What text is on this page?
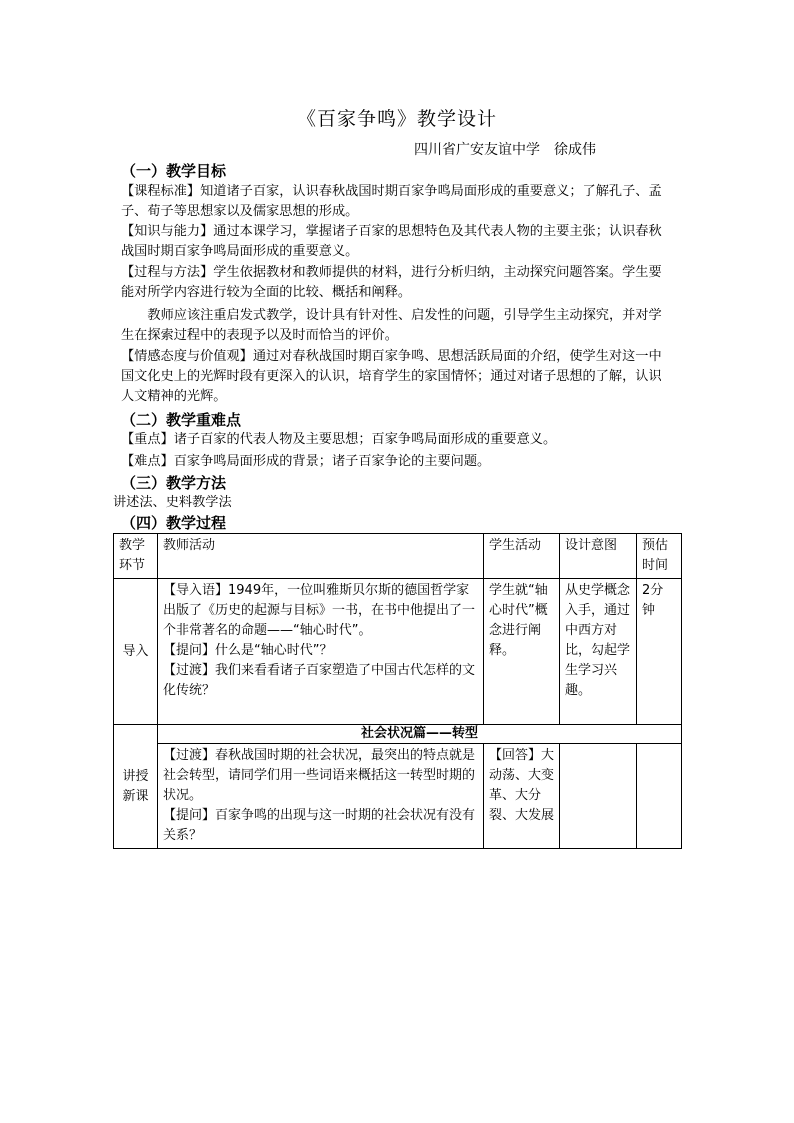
《百家争鸣》教学设计
四川省广安友谊中学　徐成伟
（一）教学目标
【课程标准】知道诸子百家，认识春秋战国时期百家争鸣局面形成的重要意义；了解孔子、孟子、荀子等思想家以及儒家思想的形成。
【知识与能力】通过本课学习，掌握诸子百家的思想特色及其代表人物的主要主张；认识春秋战国时期百家争鸣局面形成的重要意义。
【过程与方法】学生依据教材和教师提供的材料，进行分析归纳，主动探究问题答案。学生要能对所学内容进行较为全面的比较、概括和阐释。
教师应该注重启发式教学，设计具有针对性、启发性的问题，引导学生主动探究，并对学生在探索过程中的表现予以及时而恰当的评价。
【情感态度与价值观】通过对春秋战国时期百家争鸣、思想活跃局面的介绍，使学生对这一中国文化史上的光辉时段有更深入的认识，培育学生的家国情怀；通过对诸子思想的了解，认识人文精神的光辉。
（二）教学重难点
【重点】诸子百家的代表人物及主要思想；百家争鸣局面形成的重要意义。
【难点】百家争鸣局面形成的背景；诸子百家争论的主要问题。
（三）教学方法
讲述法、史料教学法
（四）教学过程
教学环节	教师活动	学生活动	设计意图	预估时间
导入	【导入语】1949年，一位叫雅斯贝尔斯的德国哲学家出版了《历史的起源与目标》一书，在书中他提出了一个非常著名的命题——“轴心时代”。
【提问】什么是“轴心时代”？
【过渡】我们来看看诸子百家塑造了中国古代怎样的文化传统？	学生就“轴心时代”概念进行阐释。	从史学概念入手，通过中西方对比，勾起学生学习兴趣。	2分钟
讲授新课	社会状况篇——转型			

	【过渡】春秋战国时期的社会状况，最突出的特点就是社会转型，请同学们用一些词语来概括这一转型时期的状况。
【提问】百家争鸣的出现与这一时期的社会状况有没有关系？	【回答】大动荡、大变革、大分裂、大发展		
